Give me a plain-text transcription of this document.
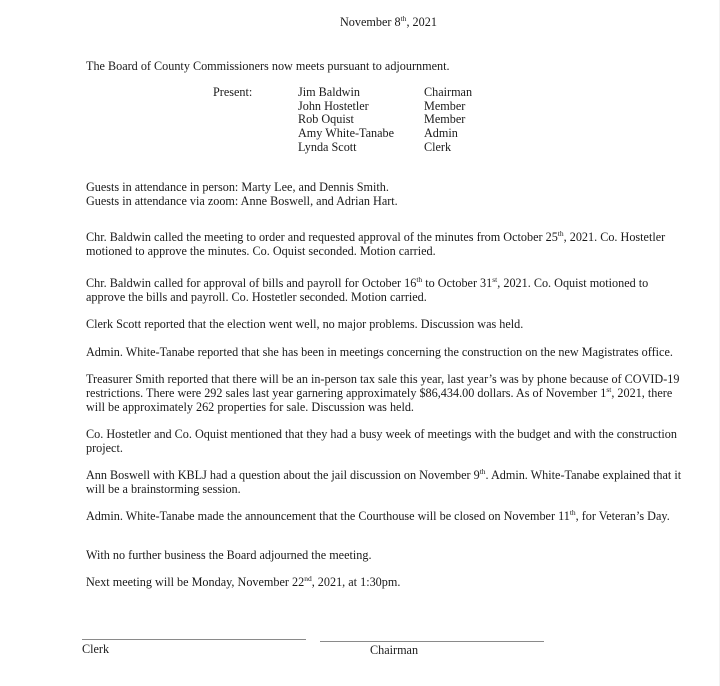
November 8th, 2021
The Board of County Commissioners now meets pursuant to adjournment.
Present:	Jim Baldwin	Chairman
John Hostetler	Member
Rob Oquist	Member
Amy White-Tanabe Admin
Lynda Scott	Clerk
Guests in attendance in person: Marty Lee, and Dennis Smith.
Guests in attendance via zoom: Anne Boswell, and Adrian Hart.
Chr. Baldwin called the meeting to order and requested approval of the minutes from October 25th, 2021. Co. Hostetler motioned to approve the minutes. Co. Oquist seconded. Motion carried.
Chr. Baldwin called for approval of bills and payroll for October 16th to October 31st, 2021. Co. Oquist motioned to approve the bills and payroll. Co. Hostetler seconded. Motion carried.
Clerk Scott reported that the election went well, no major problems. Discussion was held.
Admin. White-Tanabe reported that she has been in meetings concerning the construction on the new Magistrates office.
Treasurer Smith reported that there will be an in-person tax sale this year, last year’s was by phone because of COVID-19 restrictions. There were 292 sales last year garnering approximately $86,434.00 dollars. As of November 1st, 2021, there will be approximately 262 properties for sale. Discussion was held.
Co. Hostetler and Co. Oquist mentioned that they had a busy week of meetings with the budget and with the construction project.
Ann Boswell with KBLJ had a question about the jail discussion on November 9th. Admin. White-Tanabe explained that it will be a brainstorming session.
Admin. White-Tanabe made the announcement that the Courthouse will be closed on November 11th, for Veteran’s Day.
With no further business the Board adjourned the meeting.
Next meeting will be Monday, November 22nd, 2021, at 1:30pm.
Clerk	Chairman
